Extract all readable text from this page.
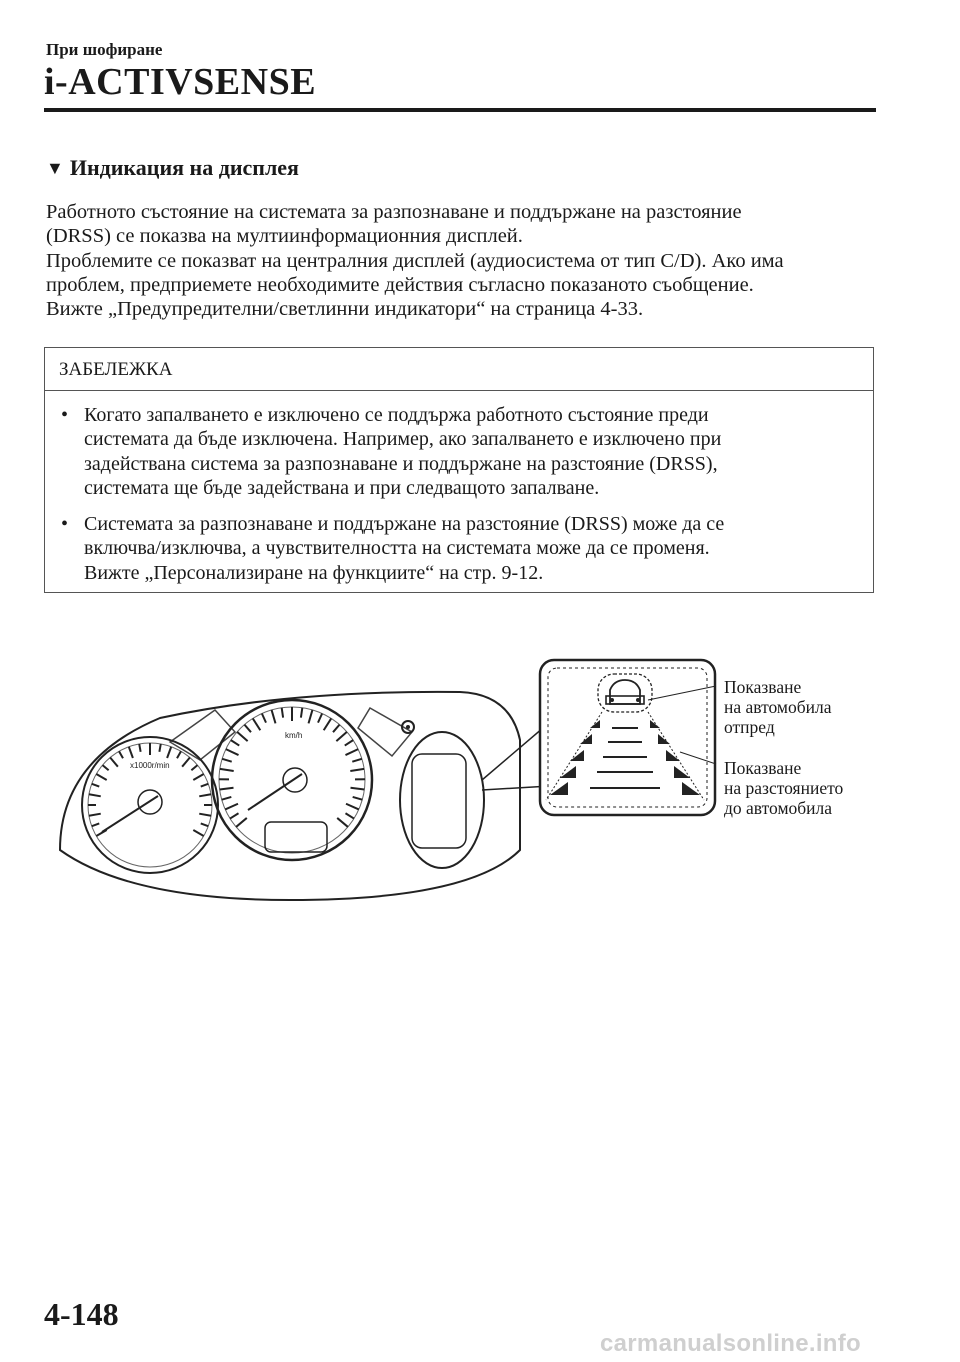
При шофиране
i-ACTIVSENSE
▼ Индикация на дисплея

Работното състояние на системата за разпознаване и поддържане на разстояние

(DRSS) се показва на мултиинформационния дисплей.

Проблемите се показват на централния дисплей (аудиосистема от тип C/D). Ако има

проблем, предприемете необходимите действия съгласно показаното съобщение.

Вижте „Предупредителни/светлинни индикатори“ на страница 4-33.

ЗАБЕЛЕЖКА
• Когато запалването е изключено се поддържа работното състояние преди
системата да бъде изключена. Например, ако запалването е изключено при
задействана система за разпознаване и поддържане на разстояние (DRSS),
системата ще бъде задействана и при следващото запалване.
• Системата за разпознаване и поддържане на разстояние (DRSS) може да се
включва/изключва, а чувствителността на системата може да се променя.
Вижте „Персонализиране на функциите“ на стр. 9-12.
x1000r/min
km/h
Показване
на автомобила
отпред
Показване
на разстоянието
до автомобила
4-148
carmanualsonline.info
